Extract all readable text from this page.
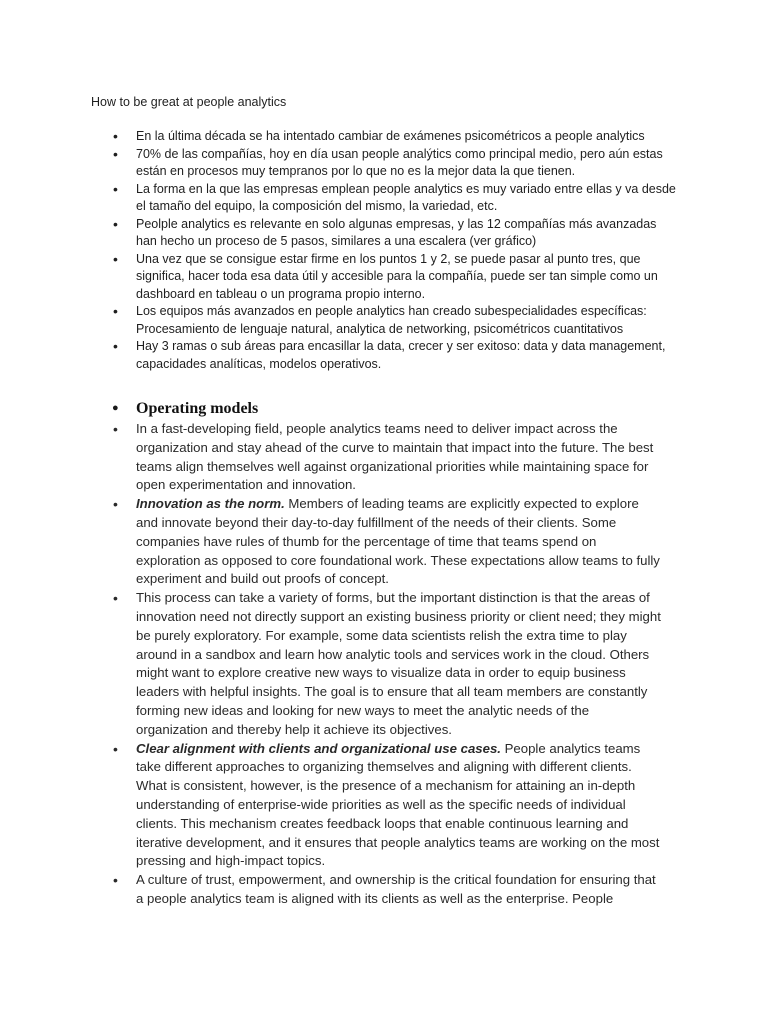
How to be great at people analytics
• En la última década se ha intentado cambiar de exámenes psicométricos a people analytics
• 70% de las compañías, hoy en día usan people analýtics como principal medio, pero aún estas están en procesos muy tempranos por lo que no es la mejor data la que tienen.
• La forma en la que las empresas emplean people analytics es muy variado entre ellas y va desde el tamaño del equipo, la composición del mismo, la variedad, etc.
• Peolple analytics es relevante en solo algunas empresas, y las 12 compañías más avanzadas han hecho un proceso de 5 pasos, similares a una escalera (ver gráfico)
• Una vez que se consigue estar firme en los puntos 1 y 2, se puede pasar al punto tres, que significa, hacer toda esa data útil y accesible para la compañía, puede ser tan simple como un dashboard en tableau o un programa propio interno.
• Los equipos más avanzados en people analytics han creado subespecialidades específicas: Procesamiento de lenguaje natural, analytica de networking, psicométricos cuantitativos
• Hay 3 ramas o sub áreas para encasillar la data, crecer y ser exitoso: data y data management, capacidades analíticas, modelos operativos.
● Operating models
• In a fast-developing field, people analytics teams need to deliver impact across the organization and stay ahead of the curve to maintain that impact into the future. The best teams align themselves well against organizational priorities while maintaining space for open experimentation and innovation.
• Innovation as the norm. Members of leading teams are explicitly expected to explore and innovate beyond their day-to-day fulfillment of the needs of their clients. Some companies have rules of thumb for the percentage of time that teams spend on exploration as opposed to core foundational work. These expectations allow teams to fully experiment and build out proofs of concept.
• This process can take a variety of forms, but the important distinction is that the areas of innovation need not directly support an existing business priority or client need; they might be purely exploratory. For example, some data scientists relish the extra time to play around in a sandbox and learn how analytic tools and services work in the cloud. Others might want to explore creative new ways to visualize data in order to equip business leaders with helpful insights. The goal is to ensure that all team members are constantly forming new ideas and looking for new ways to meet the analytic needs of the organization and thereby help it achieve its objectives.
• Clear alignment with clients and organizational use cases. People analytics teams take different approaches to organizing themselves and aligning with different clients. What is consistent, however, is the presence of a mechanism for attaining an in-depth understanding of enterprise-wide priorities as well as the specific needs of individual clients. This mechanism creates feedback loops that enable continuous learning and iterative development, and it ensures that people analytics teams are working on the most pressing and high-impact topics.
• A culture of trust, empowerment, and ownership is the critical foundation for ensuring that a people analytics team is aligned with its clients as well as the enterprise. People
